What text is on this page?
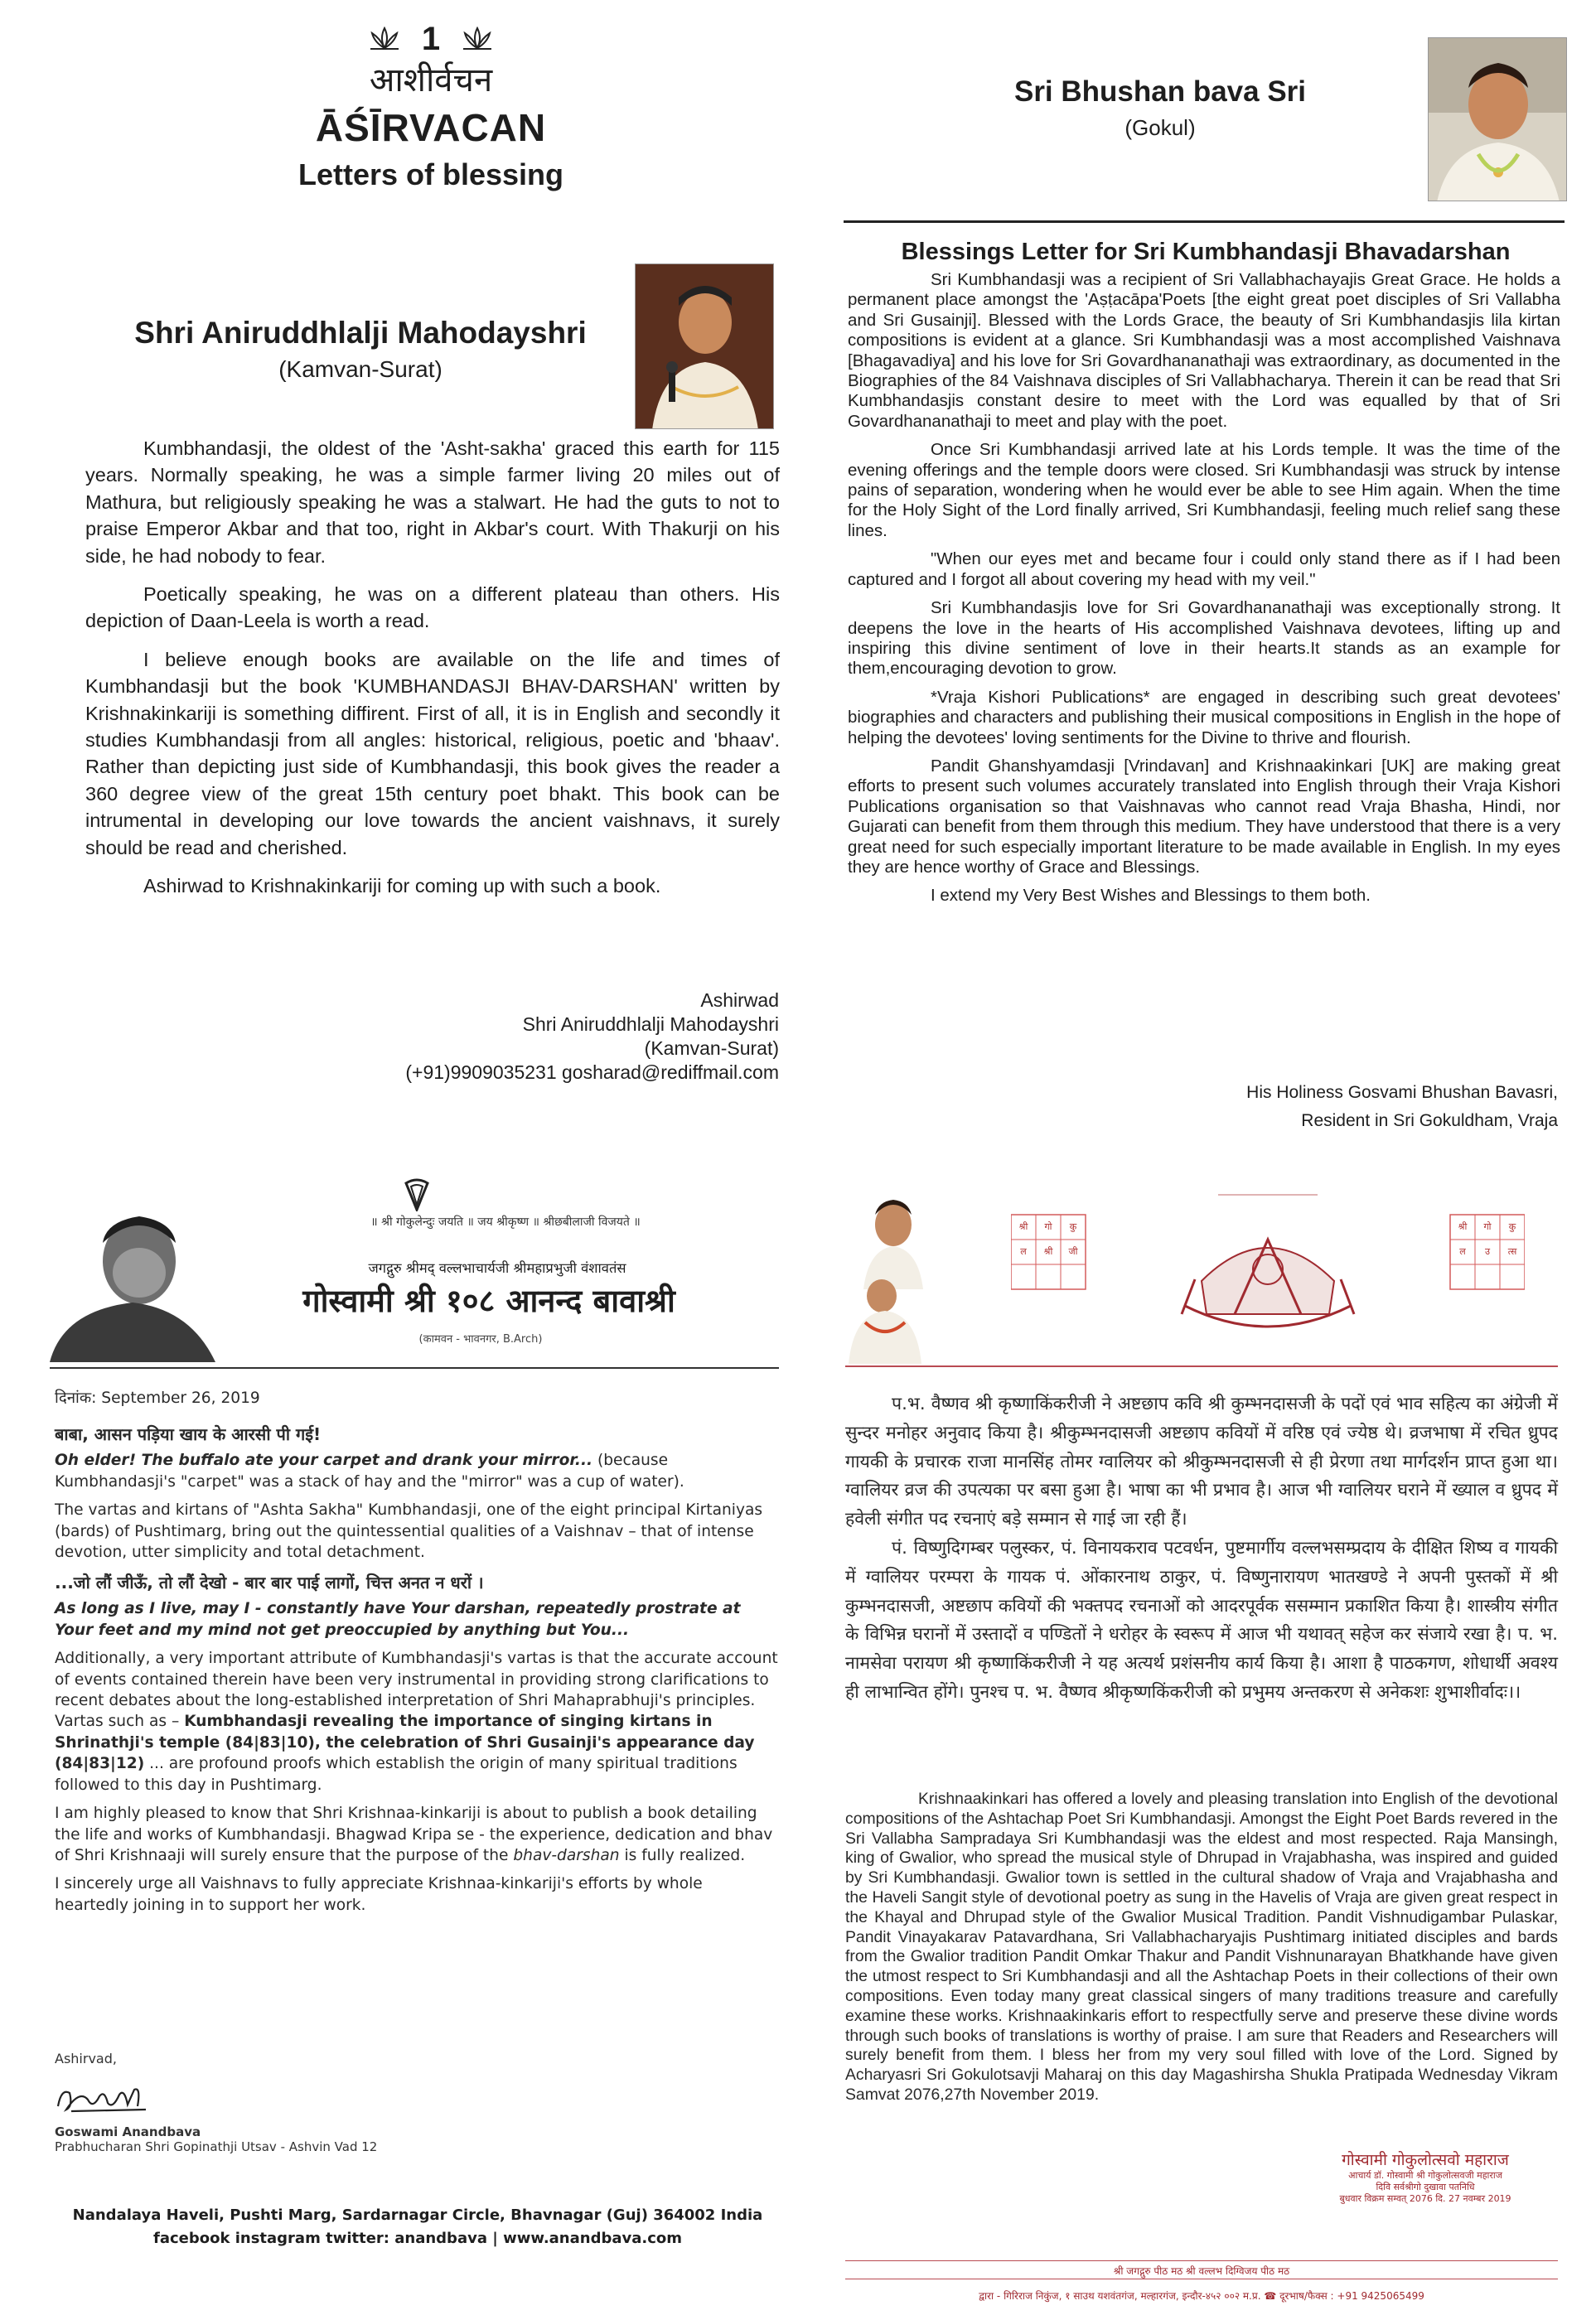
1
आशीर्वचन
ĀŚĪRVACAN
Letters of blessing
Shri Aniruddhlalji Mahodayshri
(Kamvan-Surat)

Kumbhandasji, the oldest of the 'Asht-sakha' graced this earth for 115 years. Normally speaking, he was a simple farmer living 20 miles out of Mathura, but religiously speaking he was a stalwart. He had the guts to not to praise Emperor Akbar and that too, right in Akbar's court. With Thakurji on his side, he had nobody to fear.

Poetically speaking, he was on a different plateau than others. His depiction of Daan-Leela is worth a read.

I believe enough books are available on the life and times of Kumbhandasji but the book 'KUMBHANDASJI BHAV-DARSHAN' written by Krishnakinkariji is something diffirent. First of all, it is in English and secondly it studies Kumbhandasji from all angles: historical, religious, poetic and 'bhaav'. Rather than depicting just side of Kumbhandasji, this book gives the reader a 360 degree view of the great 15th century poet bhakt. This book can be intrumental in developing our love towards the ancient vaishnavs, it surely should be read and cherished.

Ashirwad to Krishnakinkariji for coming up with such a book.

Ashirwad
Shri Aniruddhlalji Mahodayshri
(Kamvan-Surat)
(+91)9909035231 gosharad@rediffmail.com
Sri Bhushan bava Sri
(Gokul)
Blessings Letter for Sri Kumbhandasji Bhavadarshan

Sri Kumbhandasji was a recipient of Sri Vallabhachayajis Great Grace. He holds a permanent place amongst the 'Aṣṭacāpa'Poets [the eight great poet disciples of Sri Vallabha and Sri Gusainji]. Blessed with the Lords Grace, the beauty of Sri Kumbhandasjis lila kirtan compositions is evident at a glance. Sri Kumbhandasji was a most accomplished Vaishnava [Bhagavadiya] and his love for Sri Govardhananathaji was extraordinary, as documented in the Biographies of the 84 Vaishnava disciples of Sri Vallabhacharya. Therein it can be read that Sri Kumbhandasjis constant desire to meet with the Lord was equalled by that of Sri Govardhananathaji to meet and play with the poet.

Once Sri Kumbhandasji arrived late at his Lords temple. It was the time of the evening offerings and the temple doors were closed. Sri Kumbhandasji was struck by intense pains of separation, wondering when he would ever be able to see Him again. When the time for the Holy Sight of the Lord finally arrived, Sri Kumbhandasji, feeling much relief sang these lines.

"When our eyes met and became four i could only stand there as if I had been captured and I forgot all about covering my head with my veil."

Sri Kumbhandasjis love for Sri Govardhananathaji was exceptionally strong. It deepens the love in the hearts of His accomplished Vaishnava devotees, lifting up and inspiring this divine sentiment of love in their hearts.It stands as an example for them,encouraging devotion to grow.

*Vraja Kishori Publications* are engaged in describing such great devotees' biographies and characters and publishing their musical compositions in English in the hope of helping the devotees' loving sentiments for the Divine to thrive and flourish.

Pandit Ghanshyamdasji [Vrindavan] and Krishnaakinkari [UK] are making great efforts to present such volumes accurately translated into English through their Vraja Kishori Publications organisation so that Vaishnavas who cannot read Vraja Bhasha, Hindi, nor Gujarati can benefit from them through this medium. They have understood that there is a very great need for such especially important literature to be made available in English. In my eyes they are hence worthy of Grace and Blessings.

I extend my Very Best Wishes and Blessings to them both.

His Holiness Gosvami Bhushan Bavasri,
Resident in Sri Gokuldham, Vraja
॥ श्री गोकुलेन्दुः जयति ॥ जय श्रीकृष्ण ॥ श्रीछबीलाजी विजयते ॥
जगद्गुरु श्रीमद् वल्लभाचार्यजी श्रीमहाप्रभुजी वंशावतंस
गोस्वामी श्री १०८ आनन्द बावाश्री
(कामवन - भावनगर, B.Arch)

दिनांक: September 26, 2019

बाबा, आसन पड़िया खाय के आरसी पी गई!

Oh elder! The buffalo ate your carpet and drank your mirror... (because Kumbhandasji's "carpet" was a stack of hay and the "mirror" was a cup of water).

The vartas and kirtans of "Ashta Sakha" Kumbhandasji, one of the eight principal Kirtaniyas (bards) of Pushtimarg, bring out the quintessential qualities of a Vaishnav – that of intense devotion, utter simplicity and total detachment.

...जो लौं जीऊँ, तो लौं देखो - बार बार पाई लागों, चित्त अनत न धरों ।

As long as I live, may I - constantly have Your darshan, repeatedly prostrate at Your feet and my mind not get preoccupied by anything but You...

Additionally, a very important attribute of Kumbhandasji's vartas is that the accurate account of events contained therein have been very instrumental in providing strong clarifications to recent debates about the long-established interpretation of Shri Mahaprabhuji's principles. Vartas such as – Kumbhandasji revealing the importance of singing kirtans in Shrinathji's temple (84|83|10), the celebration of Shri Gusainji's appearance day (84|83|12) ... are profound proofs which establish the origin of many spiritual traditions followed to this day in Pushtimarg.

I am highly pleased to know that Shri Krishnaa-kinkariji is about to publish a book detailing the life and works of Kumbhandasji. Bhagwad Kripa se - the experience, dedication and bhav of Shri Krishnaaji will surely ensure that the purpose of the bhav-darshan is fully realized.

I sincerely urge all Vaishnavs to fully appreciate Krishnaa-kinkariji's efforts by whole heartedly joining in to support her work.

Ashirvad,
Goswami Anandbava
Prabhucharan Shri Gopinathji Utsav - Ashvin Vad 12
Nandalaya Haveli, Pushti Marg, Sardarnagar Circle, Bhavnagar (Guj) 364002 India
facebook instagram twitter: anandbava | www.anandbava.com
श्री	गो	कु
ल	श्री	जी
श्री	गो	कु
ल	उ	त्स

प.भ. वैष्णव श्री कृष्णाकिंकरीजी ने अष्टछाप कवि श्री कुम्भनदासजी के पदों एवं भाव सहित्य का अंग्रेजी में सुन्दर मनोहर अनुवाद किया है। श्रीकुम्भनदासजी अष्टछाप कवियों में वरिष्ठ एवं ज्येष्ठ थे। व्रजभाषा में रचित ध्रुपद गायकी के प्रचारक राजा मानसिंह तोमर ग्वालियर को श्रीकुम्भनदासजी से ही प्रेरणा तथा मार्गदर्शन प्राप्त हुआ था। ग्वालियर व्रज की उपत्यका पर बसा हुआ है। भाषा का भी प्रभाव है। आज भी ग्वालियर घराने में ख्याल व ध्रुपद में हवेली संगीत पद रचनाएं बड़े सम्मान से गाई जा रही हैं।

पं. विष्णुदिगम्बर पलुस्कर, पं. विनायकराव पटवर्धन, पुष्टमार्गीय वल्लभसम्प्रदाय के दीक्षित शिष्य व गायकी में ग्वालियर परम्परा के गायक पं. ओंकारनाथ ठाकुर, पं. विष्णुनारायण भातखण्डे ने अपनी पुस्तकों में श्री कुम्भनदासजी, अष्टछाप कवियों की भक्तपद रचनाओं को आदरपूर्वक ससम्मान प्रकाशित किया है। शास्त्रीय संगीत के विभिन्न घरानों में उस्तादों व पण्डितों ने धरोहर के स्वरूप में आज भी यथावत् सहेज कर संजाये रखा है। प. भ. नामसेवा परायण श्री कृष्णाकिंकरीजी ने यह अत्यर्थ प्रशंसनीय कार्य किया है। आशा है पाठकगण, शोधार्थी अवश्य ही लाभान्वित होंगे। पुनश्च प. भ. वैष्णव श्रीकृष्णकिंकरीजी को प्रभुमय अन्तकरण से अनेकशः शुभाशीर्वादः।।

Krishnaakinkari has offered a lovely and pleasing translation into English of the devotional compositions of the Ashtachap Poet Sri Kumbhandasji. Amongst the Eight Poet Bards revered in the Sri Vallabha Sampradaya Sri Kumbhandasji was the eldest and most respected. Raja Mansingh, king of Gwalior, who spread the musical style of Dhrupad in Vrajabhasha, was inspired and guided by Sri Kumbhandasji. Gwalior town is settled in the cultural shadow of Vraja and Vrajabhasha and the Haveli Sangit style of devotional poetry as sung in the Havelis of Vraja are given great respect in the Khayal and Dhrupad style of the Gwalior Musical Tradition. Pandit Vishnudigambar Pulaskar, Pandit Vinayakarav Patavardhana, Sri Vallabhacharyajis Pushtimarg initiated disciples and bards from the Gwalior tradition Pandit Omkar Thakur and Pandit Vishnunarayan Bhatkhande have given the utmost respect to Sri Kumbhandasji and all the Ashtachap Poets in their collections of their own compositions. Even today many great classical singers of many traditions treasure and carefully examine these works. Krishnaakinkaris effort to respectfully serve and preserve these divine words through such books of translations is worthy of praise. I am sure that Readers and Researchers will surely benefit from them. I bless her from my very soul filled with love of the Lord. Signed by Acharyasri Sri Gokulotsavji Maharaj on this day Magashirsha Shukla Pratipada Wednesday Vikram Samvat 2076,27th November 2019.

गोस्वामी गोकुलोत्सवो महाराज
आचार्य डॉ. गोस्वामी श्री गोकुलोत्सवजी महाराज
दिवि सर्वश्रीगो दुखावा पतनिधि
बुधवार विक्रम सम्वत् 2076 दि. 27 नवम्बर 2019
श्री जगद्गुरु पीठ मठ श्री वल्लभ दिग्विजय पीठ मठ
द्वारा - गिरिराज निकुंज, १ साउथ यशवंतगंज, मल्हारगंज, इन्दौर-४५२ ००२ म.प्र. ☎ दूरभाष/फैक्स : +91 9425065499
